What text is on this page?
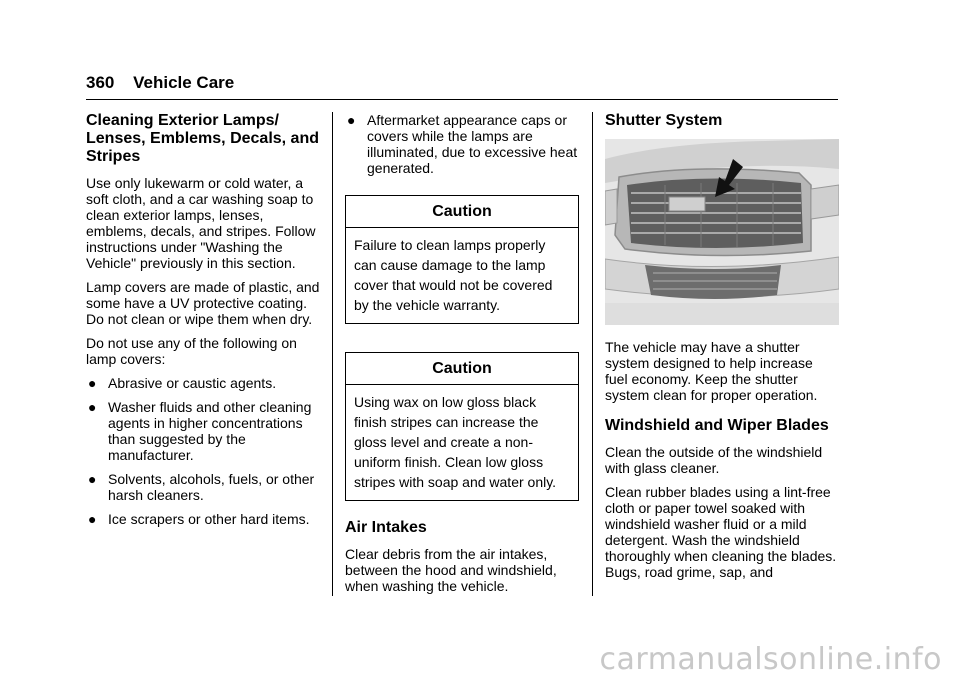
360 Vehicle Care
Cleaning Exterior Lamps/ Lenses, Emblems, Decals, and Stripes

Use only lukewarm or cold water, a soft cloth, and a car washing soap to clean exterior lamps, lenses, emblems, decals, and stripes. Follow instructions under "Washing the Vehicle" previously in this section.

Lamp covers are made of plastic, and some have a UV protective coating. Do not clean or wipe them when dry.

Do not use any of the following on lamp covers:

● Abrasive or caustic agents.
● Washer fluids and other cleaning agents in higher concentrations than suggested by the manufacturer.
● Solvents, alcohols, fuels, or other harsh cleaners.
● Ice scrapers or other hard items.
● Aftermarket appearance caps or covers while the lamps are illuminated, due to excessive heat generated.
Caution
Failure to clean lamps properly can cause damage to the lamp cover that would not be covered by the vehicle warranty.
Caution
Using wax on low gloss black finish stripes can increase the gloss level and create a non-uniform finish. Clean low gloss stripes with soap and water only.
Air Intakes

Clear debris from the air intakes, between the hood and windshield, when washing the vehicle.

Shutter System

The vehicle may have a shutter system designed to help increase fuel economy. Keep the shutter system clean for proper operation.

Windshield and Wiper Blades

Clean the outside of the windshield with glass cleaner.

Clean rubber blades using a lint-free cloth or paper towel soaked with windshield washer fluid or a mild detergent. Wash the windshield thoroughly when cleaning the blades. Bugs, road grime, sap, and

carmanualsonline.info
